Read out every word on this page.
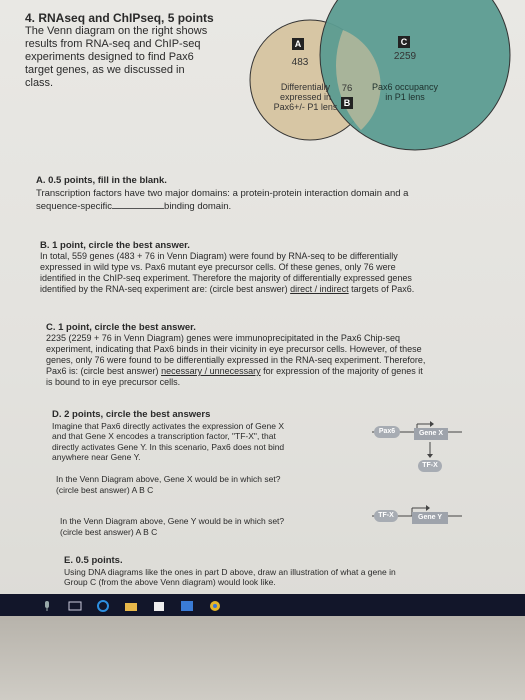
4. RNAseq and ChIPseq, 5 points
The Venn diagram on the right shows
results from RNA-seq and ChIP-seq
experiments designed to find Pax6
target genes, as we discussed in
class.
A
483
C
2259
Differentially
expressed in
Pax6+/- P1 lens
76
B
Pax6 occupancy
in P1 lens
A. 0.5 points, fill in the blank.
Transcription factors have two major domains: a protein-protein interaction domain and a
sequence-specific	binding domain.
B. 1 point, circle the best answer.
In total, 559 genes (483 + 76 in Venn Diagram) were found by RNA-seq to be differentially
expressed in wild type vs. Pax6 mutant eye precursor cells. Of these genes, only 76 were
identified in the ChIP-seq experiment. Therefore the majority of differentially expressed genes
identified by the RNA-seq experiment are: (circle best answer) direct / indirect targets of Pax6.
C. 1 point, circle the best answer.
2235 (2259 + 76 in Venn Diagram) genes were immunoprecipitated in the Pax6 Chip-seq
experiment, indicating that Pax6 binds in their vicinity in eye precursor cells. However, of these
genes, only 76 were found to be differentially expressed in the RNA-seq experiment. Therefore,
Pax6 is: (circle best answer) necessary / unnecessary for expression of the majority of genes it
is bound to in eye precursor cells.
D. 2 points, circle the best answers
Imagine that Pax6 directly activates the expression of Gene X
and that Gene X encodes a transcription factor, "TF-X", that
directly activates Gene Y. In this scenario, Pax6 does not bind
anywhere near Gene Y.
In the Venn Diagram above, Gene X would be in which set?
(circle best answer) A B C
In the Venn Diagram above, Gene Y would be in which set?
(circle best answer) A B C
Pax6	Gene X
TF-X
TF-X	Gene Y
E. 0.5 points.
Using DNA diagrams like the ones in part D above, draw an illustration of what a gene in
Group C (from the above Venn diagram) would look like.
